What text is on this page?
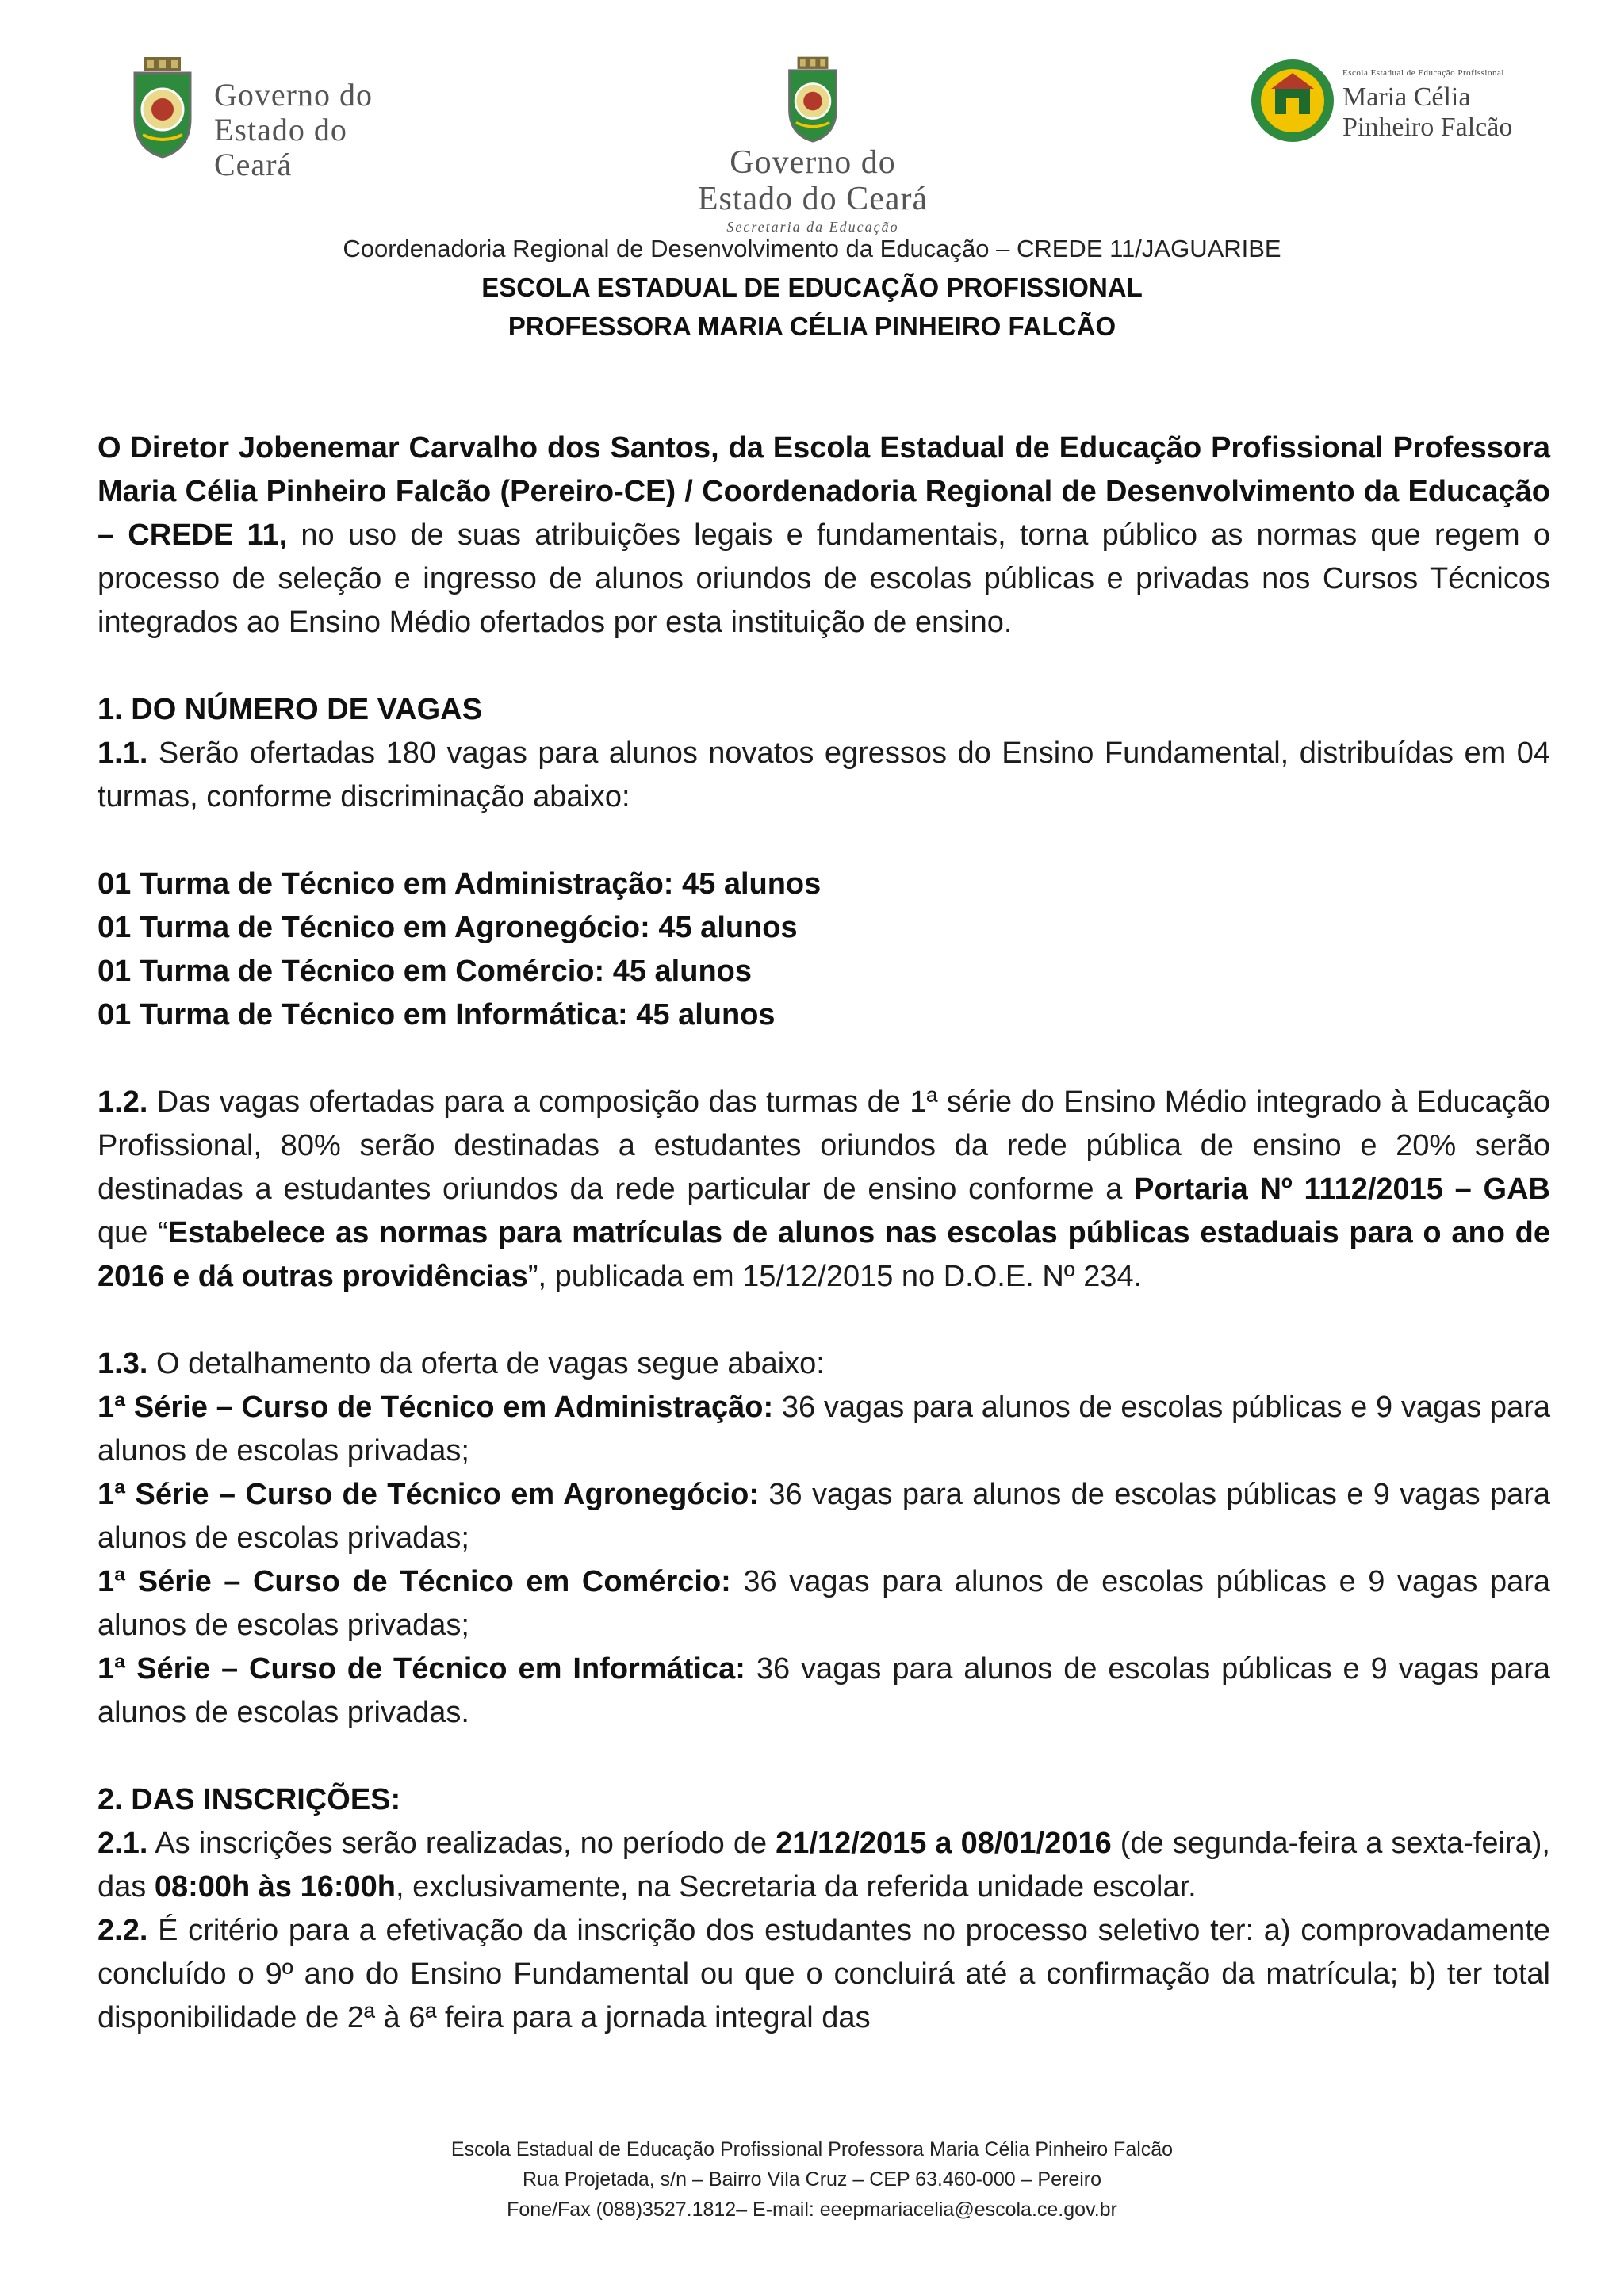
Governo do
Estado do Ceará	Governo do
Estado do Ceará
Secretaria da Educação
Escola Estadual de Educação Profissional
Maria Célia
Pinheiro Falcão
Coordenadoria Regional de Desenvolvimento da Educação – CREDE 11/JAGUARIBE
ESCOLA ESTADUAL DE EDUCAÇÃO PROFISSIONAL
PROFESSORA MARIA CÉLIA PINHEIRO FALCÃO

O Diretor Jobenemar Carvalho dos Santos, da Escola Estadual de Educação Profissional Professora Maria Célia Pinheiro Falcão (Pereiro-CE) / Coordenadoria Regional de Desenvolvimento da Educação – CREDE 11, no uso de suas atribuições legais e fundamentais, torna público as normas que regem o processo de seleção e ingresso de alunos oriundos de escolas públicas e privadas nos Cursos Técnicos integrados ao Ensino Médio ofertados por esta instituição de ensino.

1. DO NÚMERO DE VAGAS

1.1. Serão ofertadas 180 vagas para alunos novatos egressos do Ensino Fundamental, distribuídas em 04 turmas, conforme discriminação abaixo:

01 Turma de Técnico em Administração: 45 alunos

01 Turma de Técnico em Agronegócio: 45 alunos

01 Turma de Técnico em Comércio: 45 alunos

01 Turma de Técnico em Informática: 45 alunos

1.2. Das vagas ofertadas para a composição das turmas de 1ª série do Ensino Médio integrado à Educação Profissional, 80% serão destinadas a estudantes oriundos da rede pública de ensino e 20% serão destinadas a estudantes oriundos da rede particular de ensino conforme a Portaria Nº 1112/2015 – GAB que “Estabelece as normas para matrículas de alunos nas escolas públicas estaduais para o ano de 2016 e dá outras providências”, publicada em 15/12/2015 no D.O.E. Nº 234.

1.3. O detalhamento da oferta de vagas segue abaixo:

1ª Série – Curso de Técnico em Administração: 36 vagas para alunos de escolas públicas e 9 vagas para alunos de escolas privadas;

1ª Série – Curso de Técnico em Agronegócio: 36 vagas para alunos de escolas públicas e 9 vagas para alunos de escolas privadas;

1ª Série – Curso de Técnico em Comércio: 36 vagas para alunos de escolas públicas e 9 vagas para alunos de escolas privadas;

1ª Série – Curso de Técnico em Informática: 36 vagas para alunos de escolas públicas e 9 vagas para alunos de escolas privadas.

2. DAS INSCRIÇÕES:

2.1. As inscrições serão realizadas, no período de 21/12/2015 a 08/01/2016 (de segunda-feira a sexta-feira), das 08:00h às 16:00h, exclusivamente, na Secretaria da referida unidade escolar.

2.2. É critério para a efetivação da inscrição dos estudantes no processo seletivo ter: a) comprovadamente concluído o 9º ano do Ensino Fundamental ou que o concluirá até a confirmação da matrícula; b) ter total disponibilidade de 2ª à 6ª feira para a jornada integral das

Escola Estadual de Educação Profissional Professora Maria Célia Pinheiro Falcão
Rua Projetada, s/n – Bairro Vila Cruz – CEP 63.460-000 – Pereiro
Fone/Fax (088)3527.1812– E-mail: eeepmariacelia@escola.ce.gov.br
